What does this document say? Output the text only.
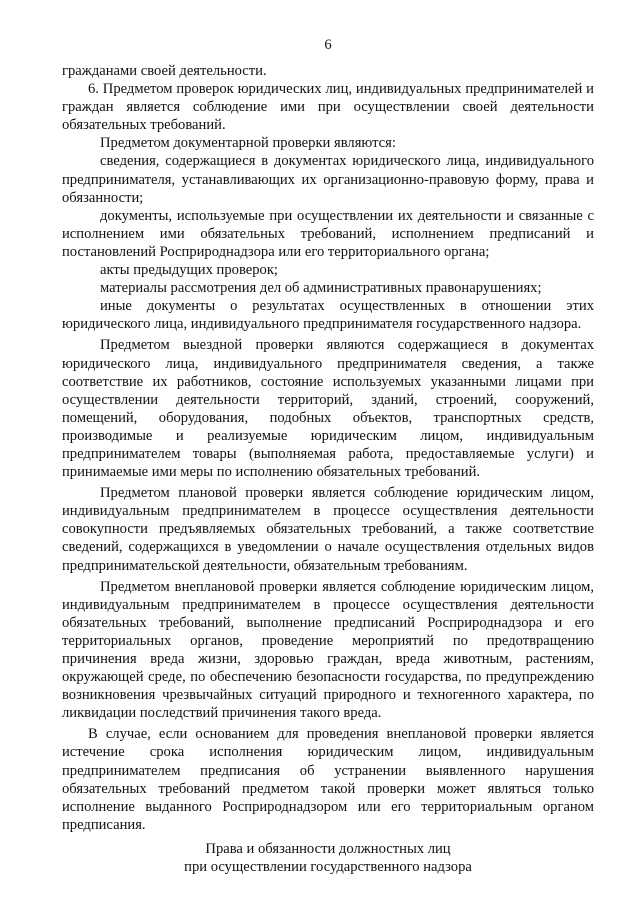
6

гражданами своей деятельности.

6. Предметом проверок юридических лиц, индивидуальных предпринимателей и граждан является соблюдение ими при осуществлении своей деятельности обязательных требований.

Предметом документарной проверки являются:

сведения, содержащиеся в документах юридического лица, индивидуального предпринимателя, устанавливающих их организационно-правовую форму, права и обязанности;

документы, используемые при осуществлении их деятельности и связанные с исполнением ими обязательных требований, исполнением предписаний и постановлений Росприроднадзора или его территориального органа;

акты предыдущих проверок;

материалы рассмотрения дел об административных правонарушениях;

иные документы о результатах осуществленных в отношении этих юридического лица, индивидуального предпринимателя государственного надзора.

Предметом выездной проверки являются содержащиеся в документах юридического лица, индивидуального предпринимателя сведения, а также соответствие их работников, состояние используемых указанными лицами при осуществлении деятельности территорий, зданий, строений, сооружений, помещений, оборудования, подобных объектов, транспортных средств, производимые и реализуемые юридическим лицом, индивидуальным предпринимателем товары (выполняемая работа, предоставляемые услуги) и принимаемые ими меры по исполнению обязательных требований.

Предметом плановой проверки является соблюдение юридическим лицом, индивидуальным предпринимателем в процессе осуществления деятельности совокупности предъявляемых обязательных требований, а также соответствие сведений, содержащихся в уведомлении о начале осуществления отдельных видов предпринимательской деятельности, обязательным требованиям.

Предметом внеплановой проверки является соблюдение юридическим лицом, индивидуальным предпринимателем в процессе осуществления деятельности обязательных требований, выполнение предписаний Росприроднадзора и его территориальных органов, проведение мероприятий по предотвращению причинения вреда жизни, здоровью граждан, вреда животным, растениям, окружающей среде, по обеспечению безопасности государства, по предупреждению возникновения чрезвычайных ситуаций природного и техногенного характера, по ликвидации последствий причинения такого вреда.

В случае, если основанием для проведения внеплановой проверки является истечение срока исполнения юридическим лицом, индивидуальным предпринимателем предписания об устранении выявленного нарушения обязательных требований предметом такой проверки может являться только исполнение выданного Росприроднадзором или его территориальным органом предписания.

Права и обязанности должностных лиц
при осуществлении государственного надзора
